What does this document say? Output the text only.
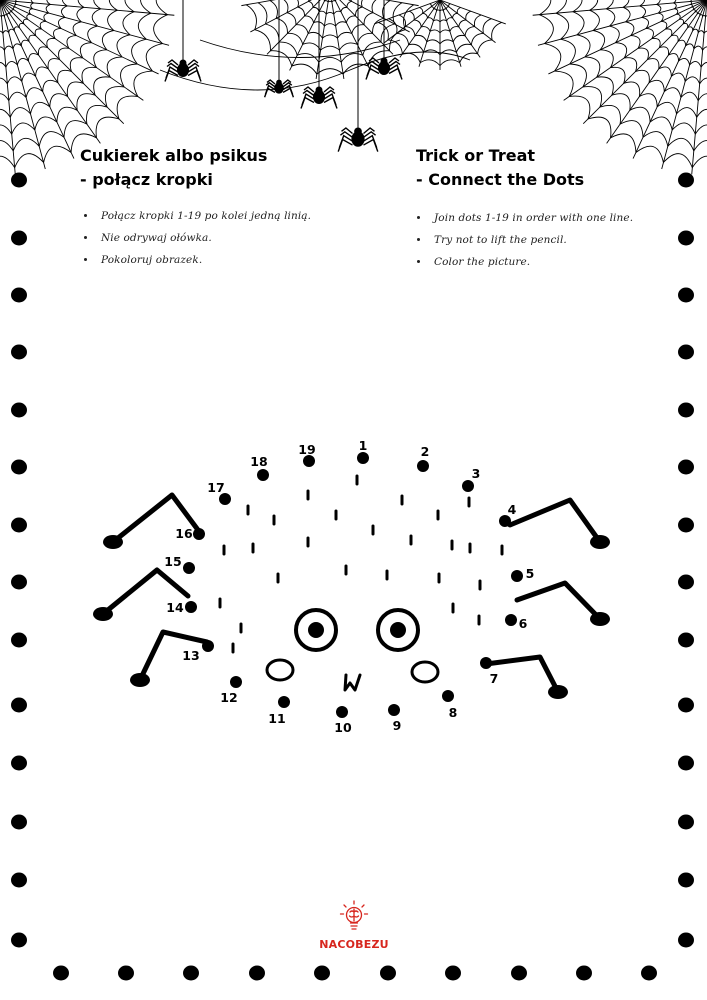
1	2
3
4
5
6
7
8
9
10
11
12
13
14
15
16
17
18
19
Cukierek albo psikus
- połącz kropki
Trick or Treat
- Connect the Dots
• Połącz kropki 1-19 po kolei jedną linią.
• Nie odrywaj ołówka.
• Pokoloruj obrazek.
• Join dots 1-19 in order with one line.
• Try not to lift the pencil.
• Color the picture.
NACOBEZU
